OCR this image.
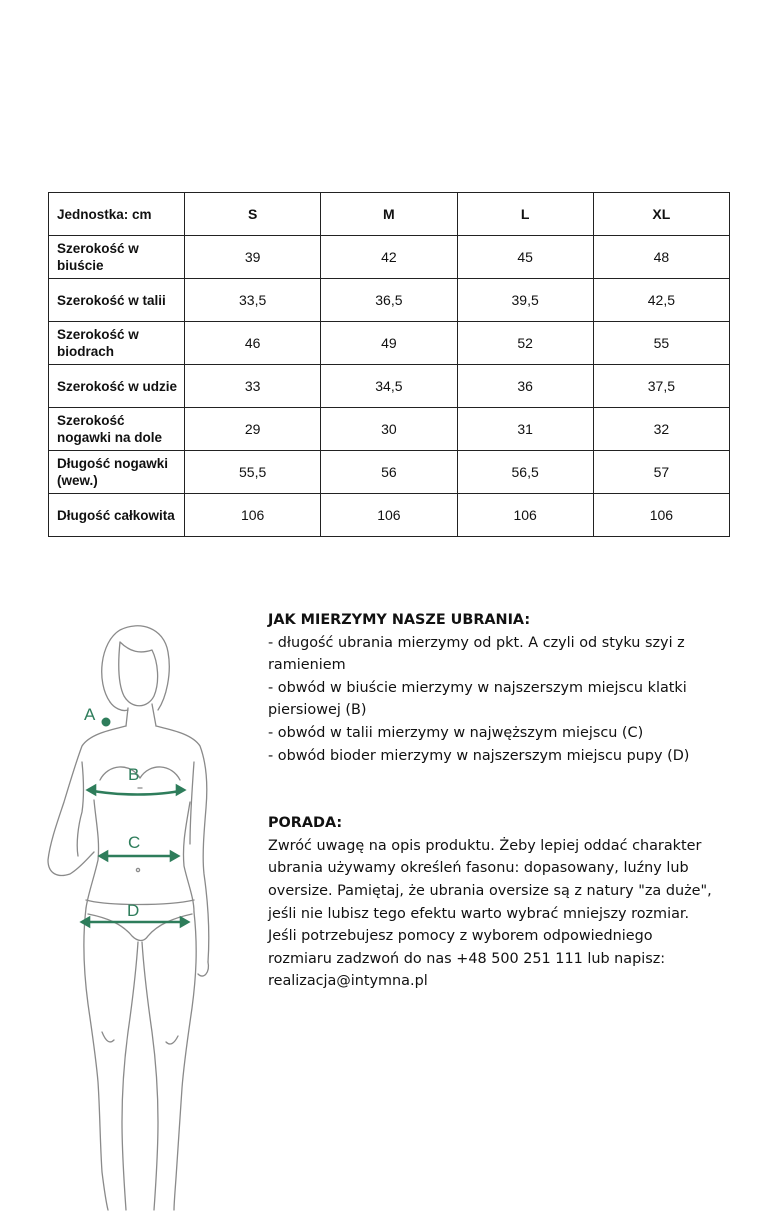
Jednostka: cm	S	M	L	XL
Szerokość w biuście	39	42	45	48
Szerokość w talii	33,5	36,5	39,5	42,5
Szerokość w biodrach	46	49	52	55
Szerokość w udzie	33	34,5	36	37,5
Szerokość nogawki na dole	29	30	31	32
Długość nogawki (wew.)	55,5	56	56,5	57
Długość całkowita	106	106	106	106
A
B
C
D

JAK MIERZYMY NASZE UBRANIA:

- długość ubrania mierzymy od pkt. A czyli od styku szyi z

ramieniem

- obwód w biuście mierzymy w najszerszym miejscu klatki

piersiowej (B)

- obwód w talii mierzymy w najwęższym miejscu (C)

- obwód bioder mierzymy w najszerszym miejscu pupy (D)

PORADA:

Zwróć uwagę na opis produktu. Żeby lepiej oddać charakter

ubrania używamy określeń fasonu: dopasowany, luźny lub

oversize. Pamiętaj, że ubrania oversize są z natury "za duże",

jeśli nie lubisz tego efektu warto wybrać mniejszy rozmiar.

Jeśli potrzebujesz pomocy z wyborem odpowiedniego

rozmiaru zadzwoń do nas +48 500 251 111 lub napisz:

realizacja@intymna.pl
